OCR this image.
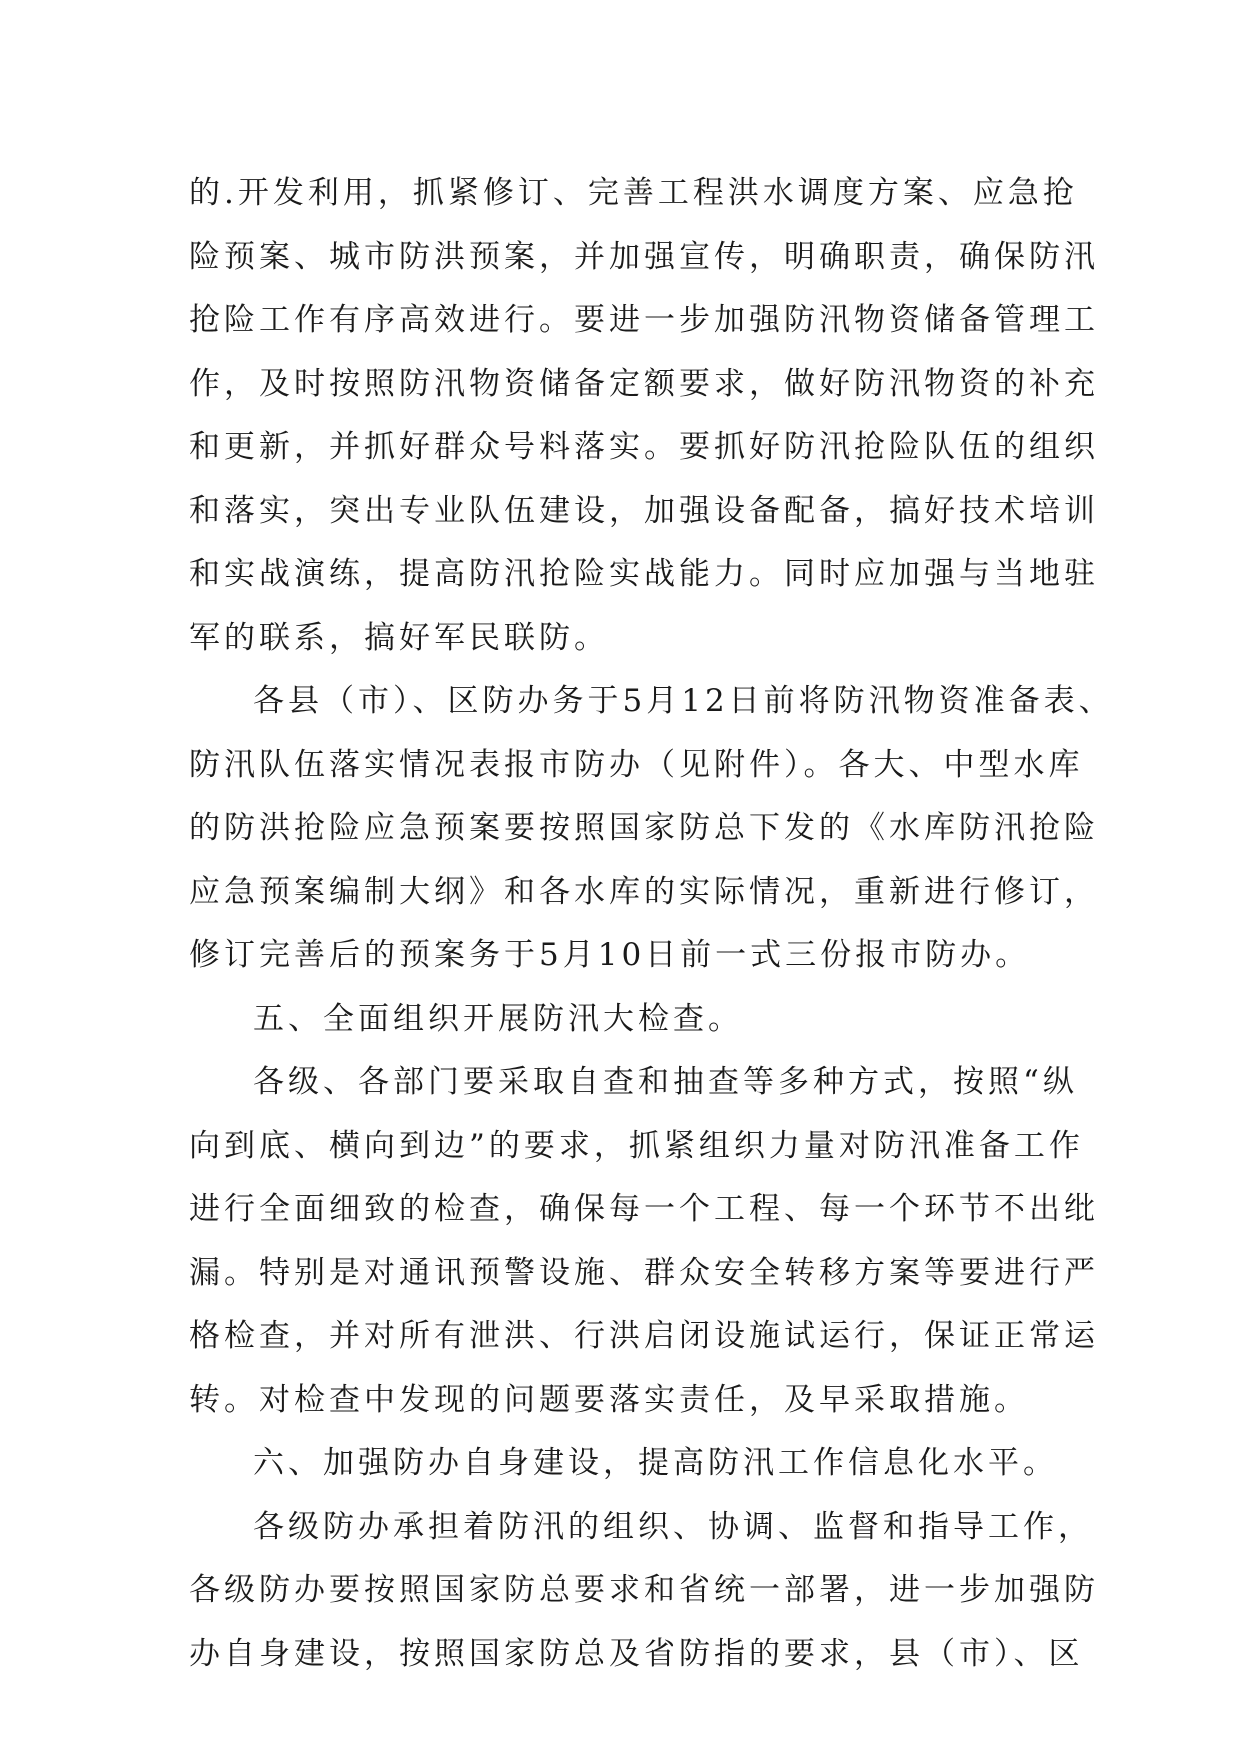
的.开发利用，抓紧修订、完善工程洪水调度方案、应急抢
险预案、城市防洪预案，并加强宣传，明确职责，确保防汛
抢险工作有序高效进行。要进一步加强防汛物资储备管理工
作，及时按照防汛物资储备定额要求，做好防汛物资的补充
和更新，并抓好群众号料落实。要抓好防汛抢险队伍的组织
和落实，突出专业队伍建设，加强设备配备，搞好技术培训
和实战演练，提高防汛抢险实战能力。同时应加强与当地驻
军的联系，搞好军民联防。
各县（市）、区防办务于5月12日前将防汛物资准备表、
防汛队伍落实情况表报市防办（见附件）。各大、中型水库
的防洪抢险应急预案要按照国家防总下发的《水库防汛抢险
应急预案编制大纲》和各水库的实际情况，重新进行修订，
修订完善后的预案务于5月10日前一式三份报市防办。
五、全面组织开展防汛大检查。
各级、各部门要采取自查和抽查等多种方式，按照“纵
向到底、横向到边”的要求，抓紧组织力量对防汛准备工作
进行全面细致的检查，确保每一个工程、每一个环节不出纰
漏。特别是对通讯预警设施、群众安全转移方案等要进行严
格检查，并对所有泄洪、行洪启闭设施试运行，保证正常运
转。对检查中发现的问题要落实责任，及早采取措施。
六、加强防办自身建设，提高防汛工作信息化水平。
各级防办承担着防汛的组织、协调、监督和指导工作，
各级防办要按照国家防总要求和省统一部署，进一步加强防
办自身建设，按照国家防总及省防指的要求，县（市）、区
